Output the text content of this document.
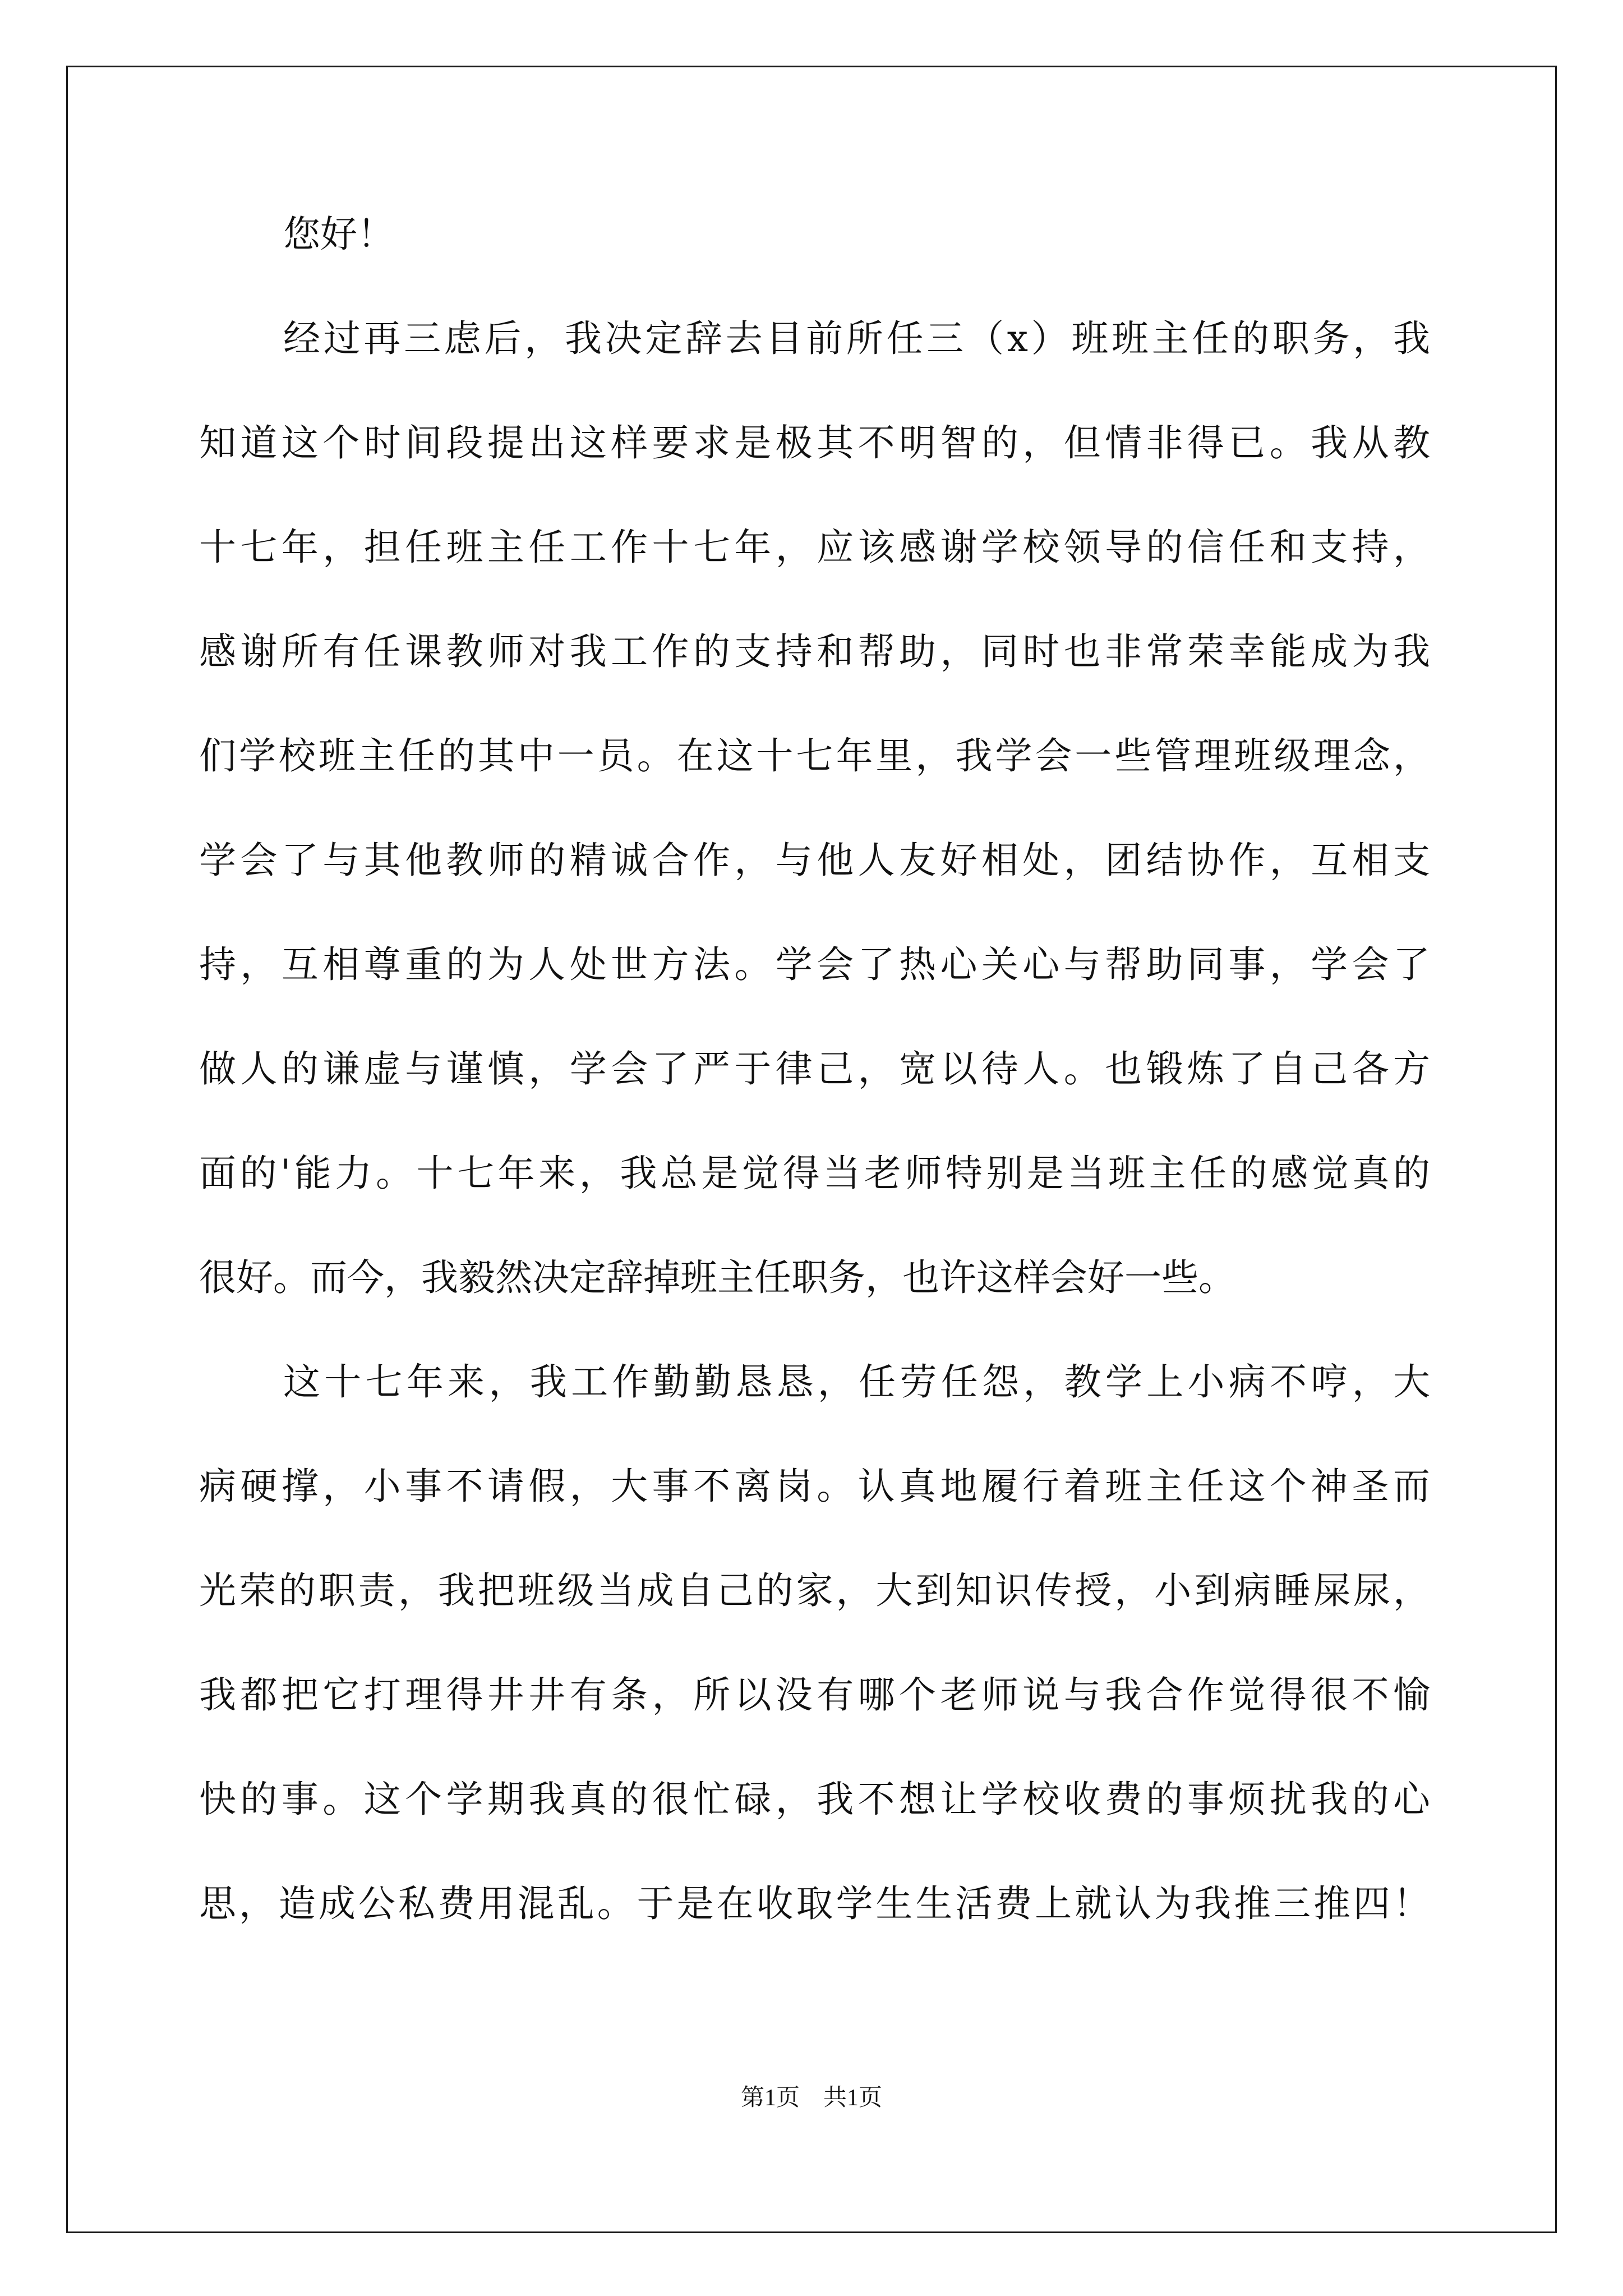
您好！
经过再三虑后，我决定辞去目前所任三（x）班班主任的职务，我
知道这个时间段提出这样要求是极其不明智的，但情非得已。我从教
十七年，担任班主任工作十七年，应该感谢学校领导的信任和支持，
感谢所有任课教师对我工作的支持和帮助，同时也非常荣幸能成为我
们学校班主任的其中一员。在这十七年里，我学会一些管理班级理念，
学会了与其他教师的精诚合作，与他人友好相处，团结协作，互相支
持，互相尊重的为人处世方法。学会了热心关心与帮助同事，学会了
做人的谦虚与谨慎，学会了严于律己，宽以待人。也锻炼了自己各方
面的'能力。十七年来，我总是觉得当老师特别是当班主任的感觉真的
很好。而今，我毅然决定辞掉班主任职务，也许这样会好一些。
这十七年来，我工作勤勤恳恳，任劳任怨，教学上小病不哼，大
病硬撑，小事不请假，大事不离岗。认真地履行着班主任这个神圣而
光荣的职责，我把班级当成自己的家，大到知识传授，小到病睡屎尿，
我都把它打理得井井有条，所以没有哪个老师说与我合作觉得很不愉
快的事。这个学期我真的很忙碌，我不想让学校收费的事烦扰我的心
思，造成公私费用混乱。于是在收取学生生活费上就认为我推三推四！
第1页　共1页
